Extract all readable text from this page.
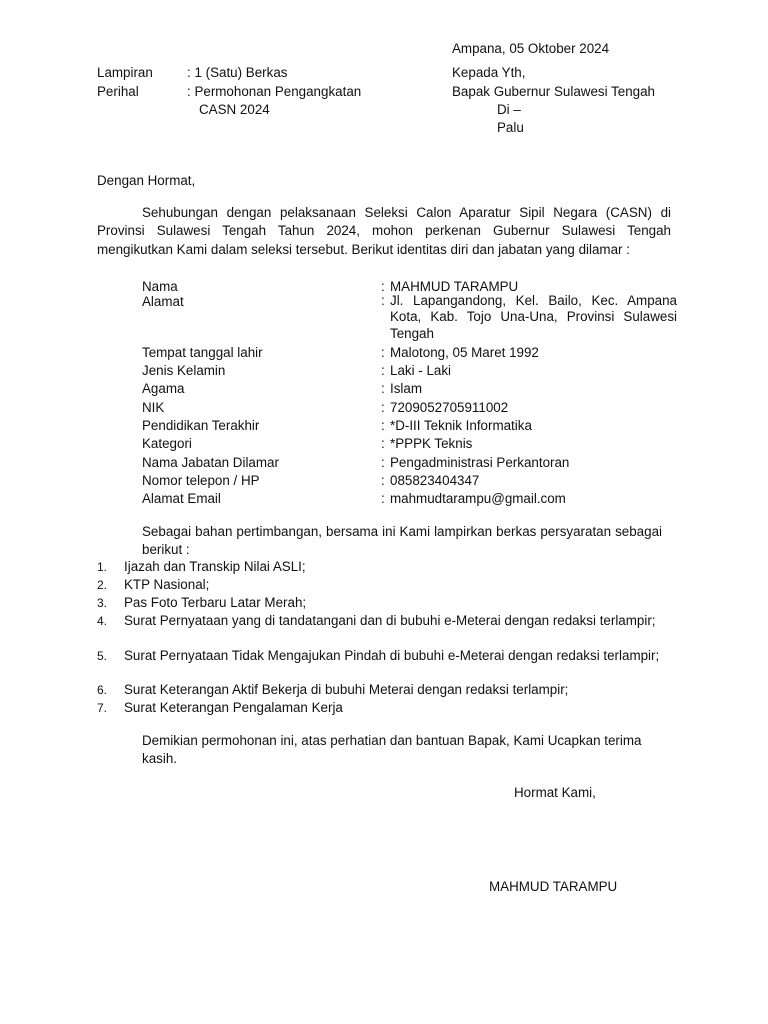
Ampana, 05 Oktober 2024
Lampiran	: 1 (Satu) Berkas
Perihal	: Permohonan Pengangkatan
CASN 2024
Kepada Yth,
Bapak Gubernur Sulawesi Tengah
Di –
Palu
Dengan Hormat,
Sehubungan dengan pelaksanaan Seleksi Calon Aparatur Sipil Negara (CASN) di Provinsi Sulawesi Tengah Tahun 2024, mohon perkenan Gubernur Sulawesi Tengah mengikutkan Kami dalam seleksi tersebut. Berikut identitas diri dan jabatan yang dilamar :
Nama	: MAHMUD TARAMPU
Alamat	: Jl. Lapangandong, Kel. Bailo, Kec. Ampana Kota, Kab. Tojo Una-Una, Provinsi Sulawesi Tengah
Tempat tanggal lahir	: Malotong, 05 Maret 1992
Jenis Kelamin	: Laki - Laki
Agama	: Islam
NIK	: 7209052705911002
Pendidikan Terakhir	: *D-III Teknik Informatika
Kategori	: *PPPK Teknis
Nama Jabatan Dilamar	: Pengadministrasi Perkantoran
Nomor telepon / HP	: 085823404347
Alamat Email	: mahmudtarampu@gmail.com
Sebagai bahan pertimbangan, bersama ini Kami lampirkan berkas persyaratan sebagai berikut :
1. Ijazah dan Transkip Nilai ASLI;
2. KTP Nasional;
3. Pas Foto Terbaru Latar Merah;
4. Surat Pernyataan yang di tandatangani dan di bubuhi e-Meterai dengan redaksi terlampir;
5. Surat Pernyataan Tidak Mengajukan Pindah di bubuhi e-Meterai dengan redaksi terlampir;
6. Surat Keterangan Aktif Bekerja di bubuhi Meterai dengan redaksi terlampir;
7. Surat Keterangan Pengalaman Kerja
Demikian permohonan ini, atas perhatian dan bantuan Bapak, Kami Ucapkan terima kasih.
Hormat Kami,
MAHMUD TARAMPU
